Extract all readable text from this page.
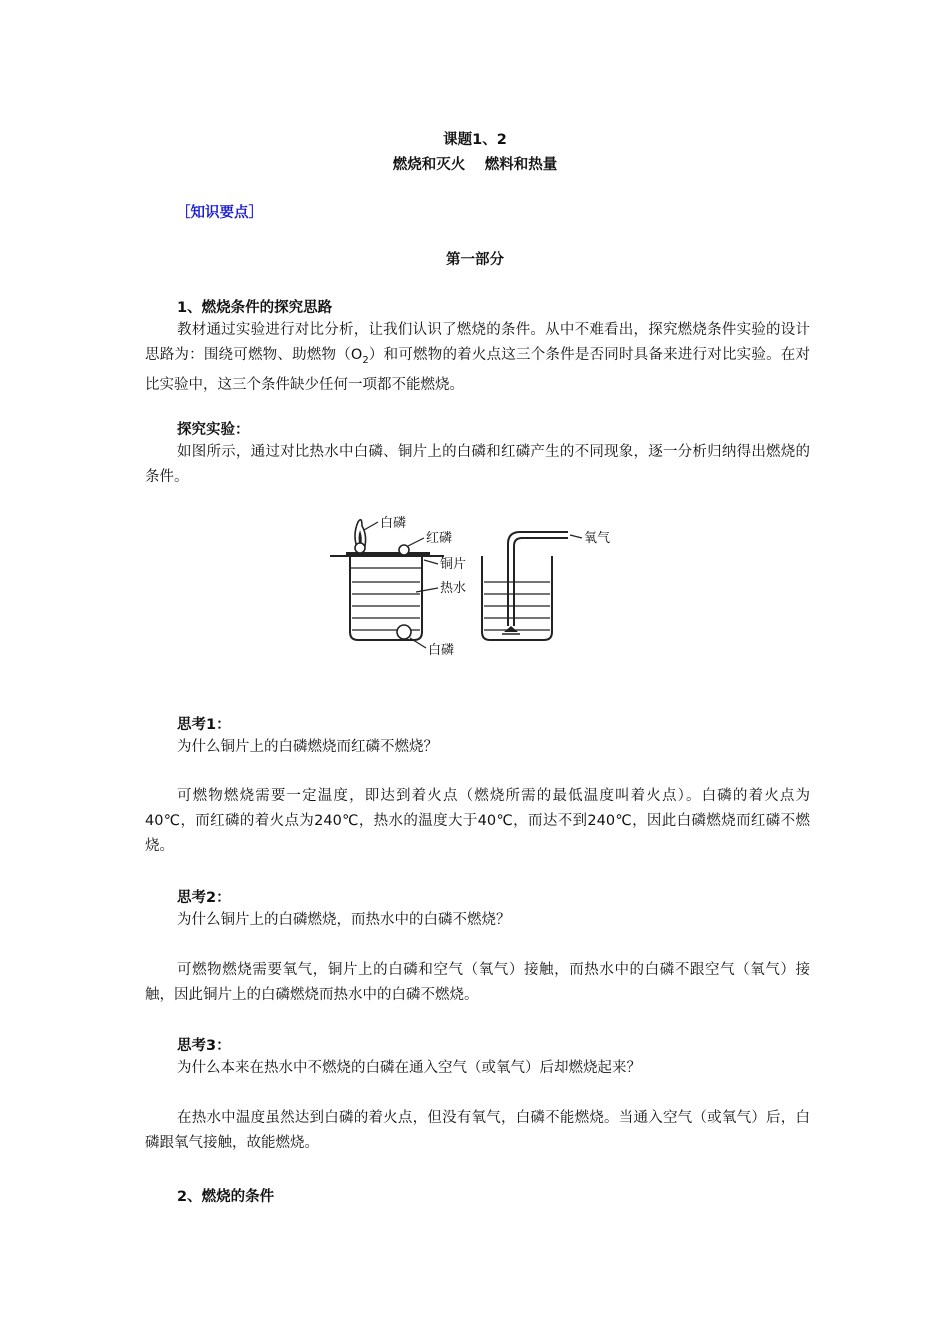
课题1、2
燃烧和灭火　 燃料和热量
［知识要点］
第一部分
1、燃烧条件的探究思路
教材通过实验进行对比分析，让我们认识了燃烧的条件。从中不难看出，探究燃烧条件实验的设计思路为：围绕可燃物、助燃物$(O_2)$和可燃物的着火点这三个条件是否同时具备来进行对比实验。在对比实验中，这三个条件缺少任何一项都不能燃烧。
探究实验：
如图所示，通过对比热水中白磷、铜片上的白磷和红磷产生的不同现象，逐一分析归纳得出燃烧的条件。
白磷
红磷
铜片
热水
白磷
氧气
思考1：
为什么铜片上的白磷燃烧而红磷不燃烧？
可燃物燃烧需要一定温度，即达到着火点（燃烧所需的最低温度叫着火点）。白磷的着火点为40℃，而红磷的着火点为240℃，热水的温度大于40℃，而达不到240℃，因此白磷燃烧而红磷不燃烧。
思考2：
为什么铜片上的白磷燃烧，而热水中的白磷不燃烧？
可燃物燃烧需要氧气，铜片上的白磷和空气（氧气）接触，而热水中的白磷不跟空气（氧气）接触，因此铜片上的白磷燃烧而热水中的白磷不燃烧。
思考3：
为什么本来在热水中不燃烧的白磷在通入空气（或氧气）后却燃烧起来？
在热水中温度虽然达到白磷的着火点，但没有氧气，白磷不能燃烧。当通入空气（或氧气）后，白磷跟氧气接触，故能燃烧。
2、燃烧的条件
